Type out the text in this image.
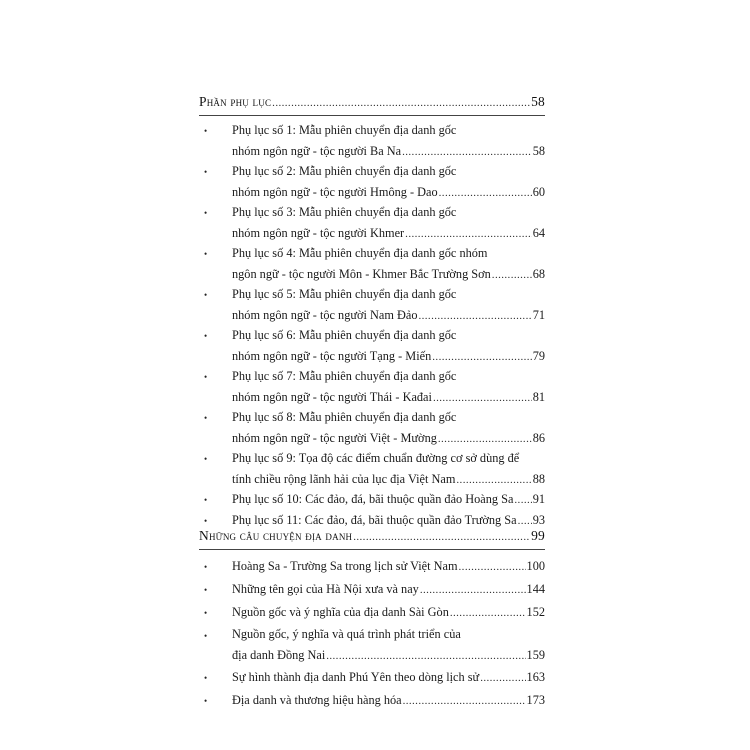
Phần phụ lục .....	58
• Phụ lục số 1: Mẫu phiên chuyển địa danh gốc
nhóm ngôn ngữ - tộc người Ba Na .....	58
• Phụ lục số 2: Mẫu phiên chuyển địa danh gốc
nhóm ngôn ngữ - tộc người Hmông - Dao .....	60
• Phụ lục số 3: Mẫu phiên chuyển địa danh gốc
nhóm ngôn ngữ - tộc người Khmer .....	64
• Phụ lục số 4: Mẫu phiên chuyển địa danh gốc nhóm
ngôn ngữ - tộc người Môn - Khmer Bắc Trường Sơn .....	68
• Phụ lục số 5: Mẫu phiên chuyển địa danh gốc
nhóm ngôn ngữ - tộc người Nam Đảo .....	71
• Phụ lục số 6: Mẫu phiên chuyển địa danh gốc
nhóm ngôn ngữ - tộc người Tạng - Miến .....	79
• Phụ lục số 7: Mẫu phiên chuyển địa danh gốc
nhóm ngôn ngữ - tộc người Thái - Kađai .....	81
• Phụ lục số 8: Mẫu phiên chuyển địa danh gốc
nhóm ngôn ngữ - tộc người Việt - Mường .....	86
• Phụ lục số 9: Tọa độ các điểm chuẩn đường cơ sở dùng để
tính chiều rộng lãnh hải của lục địa Việt Nam .....	88
• Phụ lục số 10: Các đảo, đá, bãi thuộc quần đảo Hoàng Sa ..... 91
• Phụ lục số 11: Các đảo, đá, bãi thuộc quần đảo Trường Sa ..... 93
Những câu chuyện địa danh .....	99
• Hoàng Sa - Trường Sa trong lịch sử Việt Nam .....	100
• Những tên gọi của Hà Nội xưa và nay .....	144
• Nguồn gốc và ý nghĩa của địa danh Sài Gòn .....	152
• Nguồn gốc, ý nghĩa và quá trình phát triển của
địa danh Đồng Nai .....	159
• Sự hình thành địa danh Phú Yên theo dòng lịch sử .....	163
• Địa danh và thương hiệu hàng hóa .....	173
